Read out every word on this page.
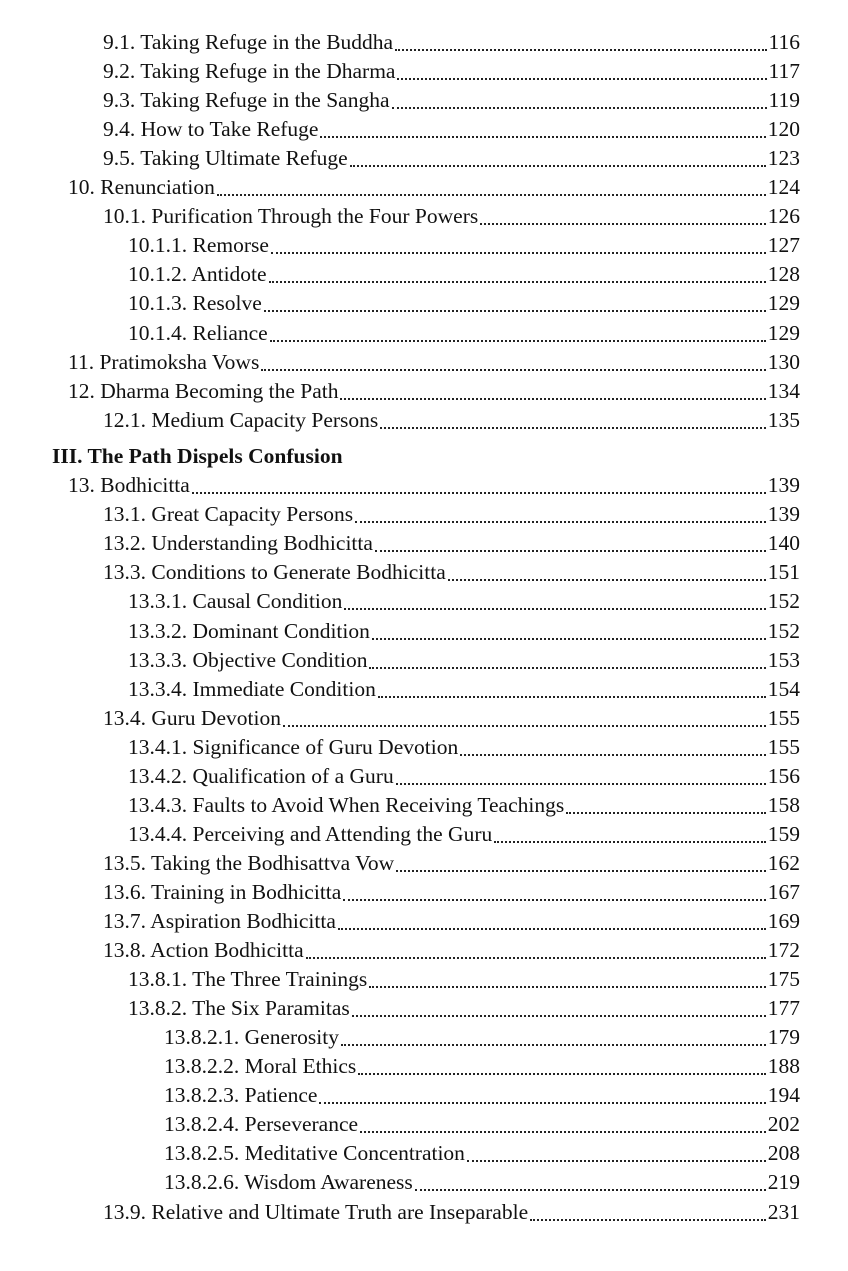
9.1. Taking Refuge in the Buddha	116
9.2. Taking Refuge in the Dharma	117
9.3. Taking Refuge in the Sangha	119
9.4. How to Take Refuge	120
9.5. Taking Ultimate Refuge	123
10. Renunciation	124
10.1. Purification Through the Four Powers	126
10.1.1. Remorse	127
10.1.2. Antidote	128
10.1.3. Resolve	129
10.1.4. Reliance	129
11. Pratimoksha Vows	130
12. Dharma Becoming the Path	134
12.1. Medium Capacity Persons	135
III. The Path Dispels Confusion
13. Bodhicitta	139
13.1. Great Capacity Persons	139
13.2. Understanding Bodhicitta	140
13.3. Conditions to Generate Bodhicitta	151
13.3.1. Causal Condition	152
13.3.2. Dominant Condition	152
13.3.3. Objective Condition	153
13.3.4. Immediate Condition	154
13.4. Guru Devotion	155
13.4.1. Significance of Guru Devotion	155
13.4.2. Qualification of a Guru	156
13.4.3. Faults to Avoid When Receiving Teachings	158
13.4.4. Perceiving and Attending the Guru	159
13.5. Taking the Bodhisattva Vow	162
13.6. Training in Bodhicitta	167
13.7. Aspiration Bodhicitta	169
13.8. Action Bodhicitta	172
13.8.1. The Three Trainings	175
13.8.2. The Six Paramitas	177
13.8.2.1. Generosity	179
13.8.2.2. Moral Ethics	188
13.8.2.3. Patience	194
13.8.2.4. Perseverance	202
13.8.2.5. Meditative Concentration	208
13.8.2.6. Wisdom Awareness	219
13.9. Relative and Ultimate Truth are Inseparable	231
